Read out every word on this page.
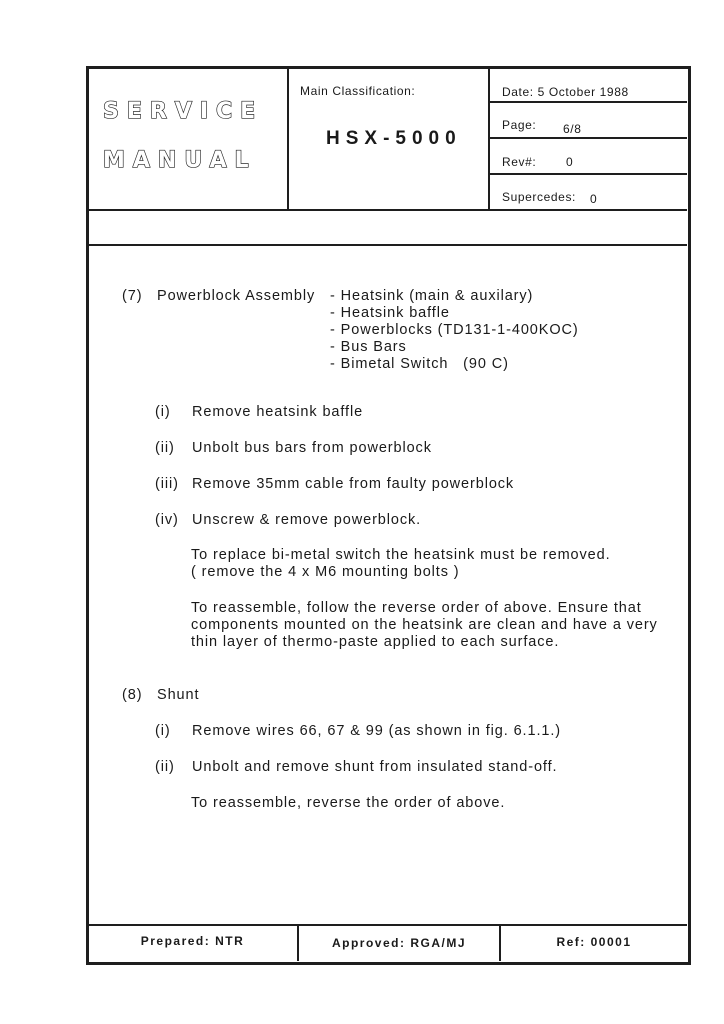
SERVICE
MANUAL
Main Classification:
HSX-5000
Date: 5 October 1988
Page: 6/8
Rev#: 0
Supercedes: 0
(7) Powerblock Assembly - Heatsink (main & auxilary)
- Heatsink baffle
- Powerblocks (TD131-1-400KOC)
- Bus Bars
- Bimetal Switch   (90 C)
(i) Remove heatsink baffle
(ii) Unbolt bus bars from powerblock
(iii) Remove 35mm cable from faulty powerblock
(iv) Unscrew & remove powerblock.
To replace bi-metal switch the heatsink must be removed.
( remove the 4 x M6 mounting bolts )
To reassemble, follow the reverse order of above. Ensure that
components mounted on the heatsink are clean and have a very
thin layer of thermo-paste applied to each surface.
(8) Shunt
(i) Remove wires 66, 67 & 99 (as shown in fig. 6.1.1.)
(ii) Unbolt and remove shunt from insulated stand-off.
To reassemble, reverse the order of above.
Prepared: NTR	Approved: RGA/MJ	Ref: 00001
